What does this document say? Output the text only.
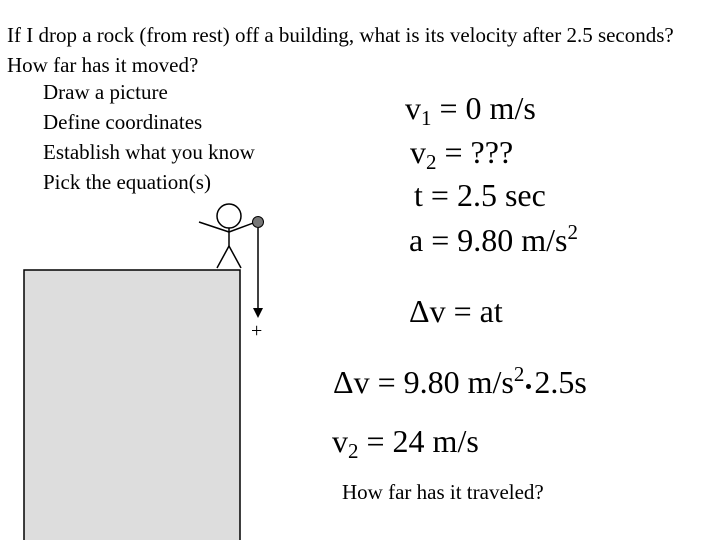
If I drop a rock (from rest) off a building, what is its velocity after 2.5 seconds? How far has it moved?
Draw a picture
Define coordinates
Establish what you know
Pick the equation(s)
+
$v_1 = 0$ m/s
$v_2$ = ???
t = 2.5 sec
a = 9.80 $m/s^2$
Δv = at
Δv = 9.80 $m/s^2$ 2.5s
$v_2 = 24$ m/s
How far has it traveled?
